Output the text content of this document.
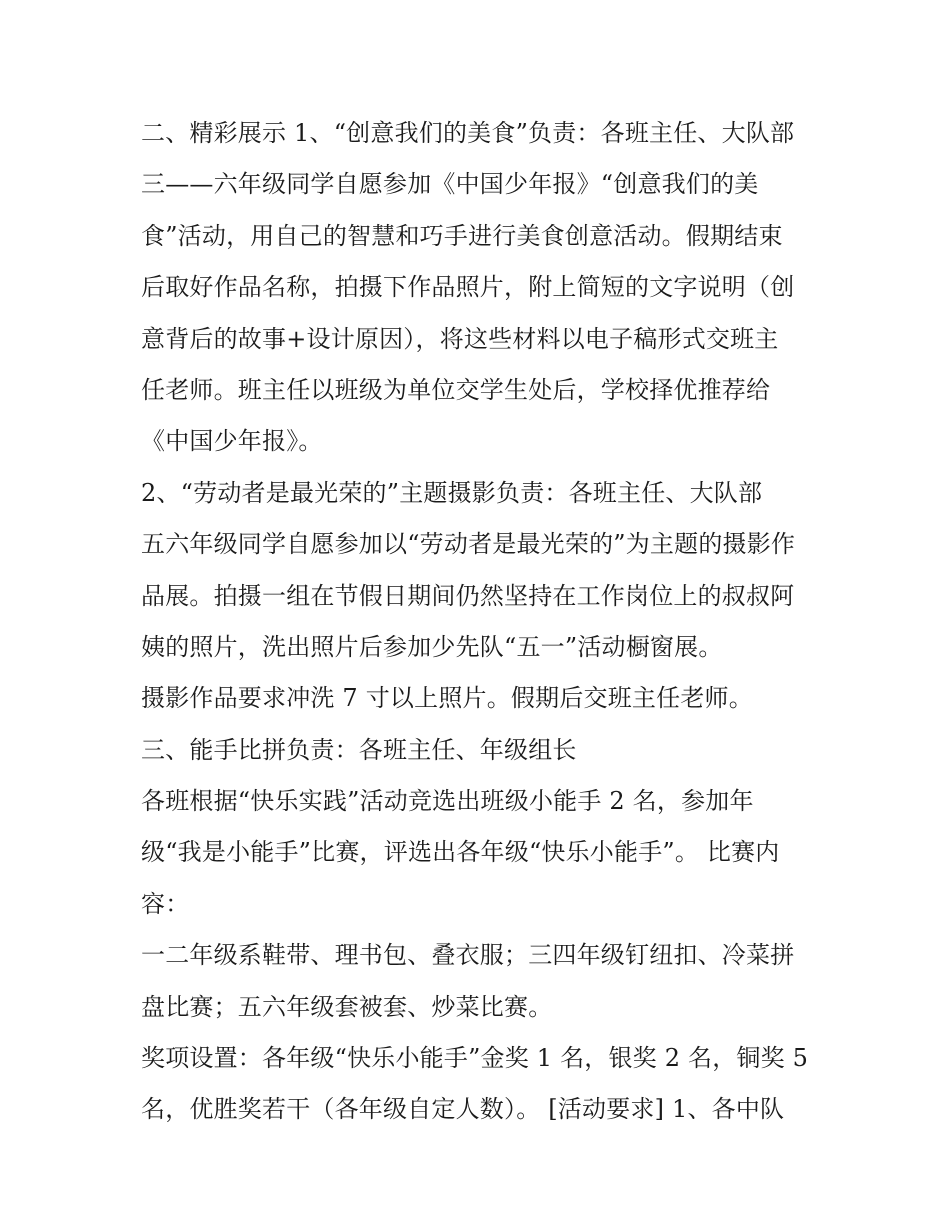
二、精彩展示 1、“创意我们的美食”负责：各班主任、大队部
三——六年级同学自愿参加《中国少年报》“创意我们的美
食”活动，用自己的智慧和巧手进行美食创意活动。假期结束
后取好作品名称，拍摄下作品照片，附上简短的文字说明（创
意背后的故事+设计原因），将这些材料以电子稿形式交班主
任老师。班主任以班级为单位交学生处后，学校择优推荐给
《中国少年报》。
2、“劳动者是最光荣的”主题摄影负责：各班主任、大队部
五六年级同学自愿参加以“劳动者是最光荣的”为主题的摄影作
品展。拍摄一组在节假日期间仍然坚持在工作岗位上的叔叔阿
姨的照片，洗出照片后参加少先队“五一”活动橱窗展。
摄影作品要求冲洗 7 寸以上照片。假期后交班主任老师。
三、能手比拼负责：各班主任、年级组长
各班根据“快乐实践”活动竞选出班级小能手 2 名，参加年
级“我是小能手”比赛，评选出各年级“快乐小能手”。 比赛内
容：
一二年级系鞋带、理书包、叠衣服；三四年级钉纽扣、冷菜拼
盘比赛；五六年级套被套、炒菜比赛。
奖项设置：各年级“快乐小能手”金奖 1 名，银奖 2 名，铜奖 5
名，优胜奖若干（各年级自定人数）。 [活动要求] 1、各中队
